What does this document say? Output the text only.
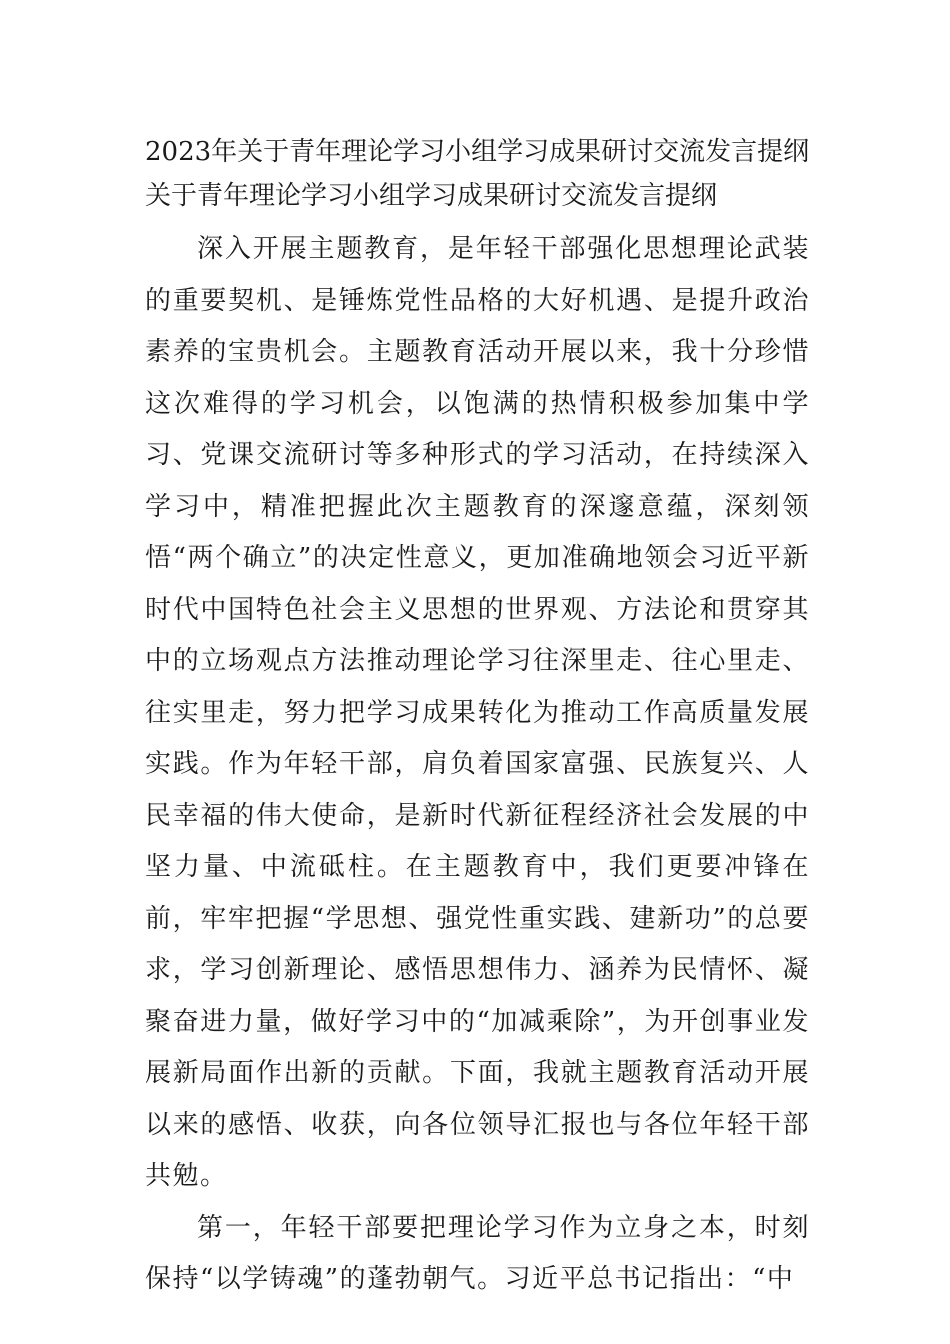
2023年关于青年理论学习小组学习成果研讨交流发言提纲
关于青年理论学习小组学习成果研讨交流发言提纲

深入开展主题教育，是年轻干部强化思想理论武装的重要契机、是锤炼党性品格的大好机遇、是提升政治素养的宝贵机会。主题教育活动开展以来，我十分珍惜这次难得的学习机会，以饱满的热情积极参加集中学习、党课交流研讨等多种形式的学习活动，在持续深入学习中，精准把握此次主题教育的深邃意蕴，深刻领悟“两个确立”的决定性意义，更加准确地领会习近平新时代中国特色社会主义思想的世界观、方法论和贯穿其中的立场观点方法推动理论学习往深里走、往心里走、往实里走，努力把学习成果转化为推动工作高质量发展实践。作为年轻干部，肩负着国家富强、民族复兴、人民幸福的伟大使命，是新时代新征程经济社会发展的中坚力量、中流砥柱。在主题教育中，我们更要冲锋在前，牢牢把握“学思想、强党性重实践、建新功”的总要求，学习创新理论、感悟思想伟力、涵养为民情怀、凝聚奋进力量，做好学习中的“加减乘除”，为开创事业发展新局面作出新的贡献。下面，我就主题教育活动开展以来的感悟、收获，向各位领导汇报也与各位年轻干部共勉。

第一，年轻干部要把理论学习作为立身之本，时刻保持“以学铸魂”的蓬勃朝气。习近平总书记指出：“中
